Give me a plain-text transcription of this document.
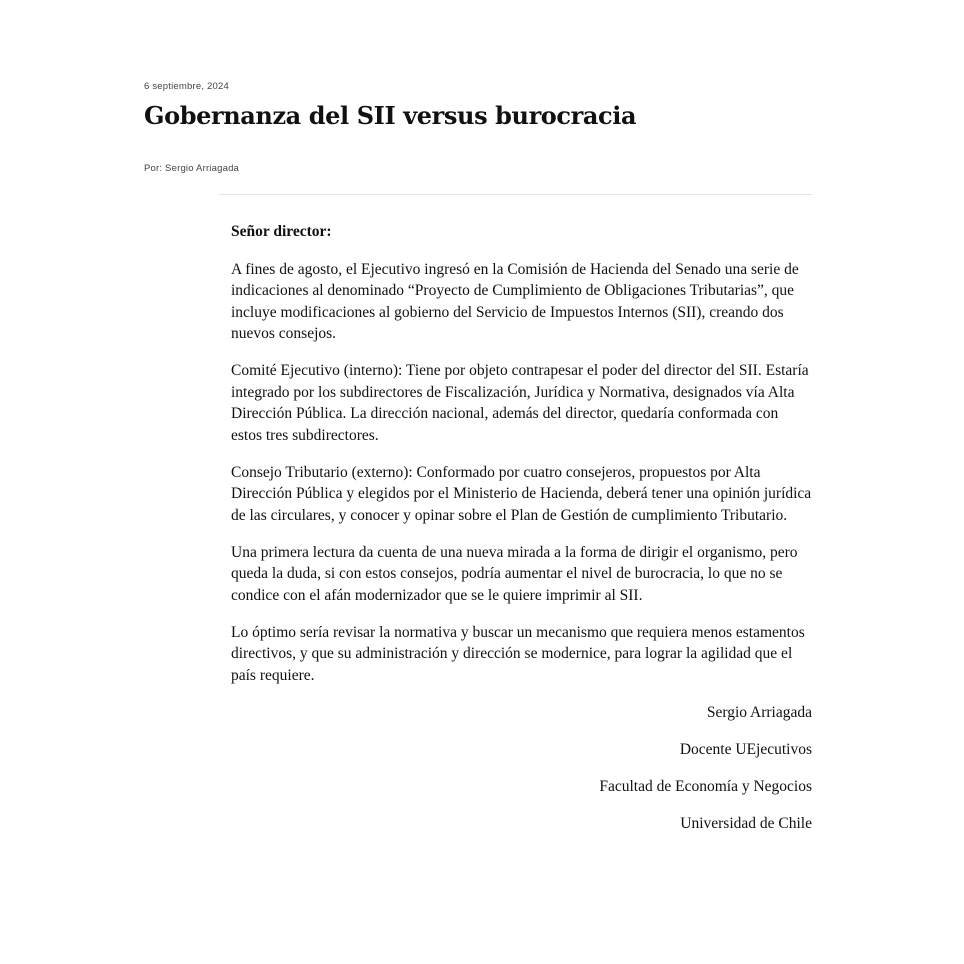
6 septiembre, 2024
Gobernanza del SII versus burocracia
Por: Sergio Arriagada

Señor director:

A fines de agosto, el Ejecutivo ingresó en la Comisión de Hacienda del Senado una serie de indicaciones al denominado “Proyecto de Cumplimiento de Obligaciones Tributarias”, que incluye modificaciones al gobierno del Servicio de Impuestos Internos (SII), creando dos nuevos consejos.

Comité Ejecutivo (interno): Tiene por objeto contrapesar el poder del director del SII. Estaría integrado por los subdirectores de Fiscalización, Jurídica y Normativa, designados vía Alta Dirección Pública. La dirección nacional, además del director, quedaría conformada con estos tres subdirectores.

Consejo Tributario (externo): Conformado por cuatro consejeros, propuestos por Alta Dirección Pública y elegidos por el Ministerio de Hacienda, deberá tener una opinión jurídica de las circulares, y conocer y opinar sobre el Plan de Gestión de cumplimiento Tributario.

Una primera lectura da cuenta de una nueva mirada a la forma de dirigir el organismo, pero queda la duda, si con estos consejos, podría aumentar el nivel de burocracia, lo que no se condice con el afán modernizador que se le quiere imprimir al SII.

Lo óptimo sería revisar la normativa y buscar un mecanismo que requiera menos estamentos directivos, y que su administración y dirección se modernice, para lograr la agilidad que el país requiere.

Sergio Arriagada

Docente UEjecutivos

Facultad de Economía y Negocios

Universidad de Chile
